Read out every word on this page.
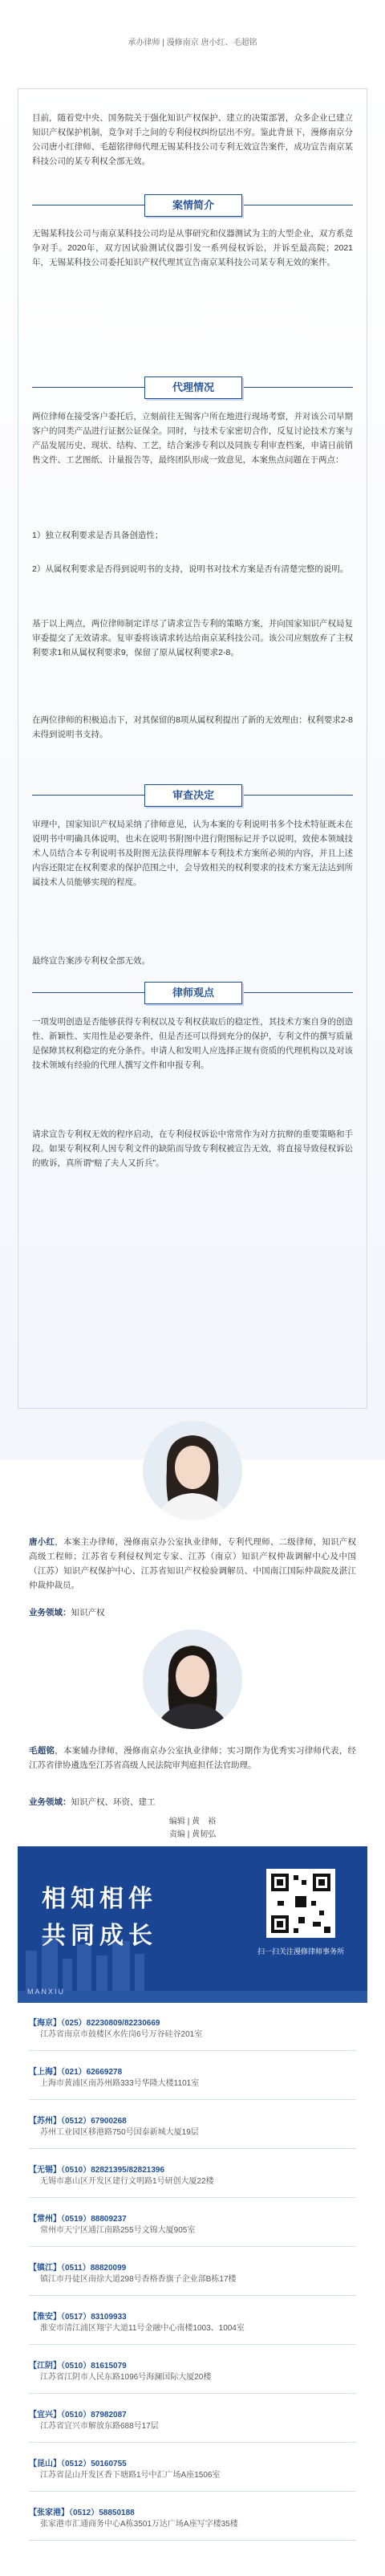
承办律师 | 漫修南京 唐小红、毛超铭

目前，随着党中央、国务院关于强化知识产权保护、建立的决策部署，众多企业已建立知识产权保护机制，竞争对手之间的专利侵权纠纷层出不穷。鉴此背景下，漫修南京分公司唐小红律师、毛超铭律师代理无锡某科技公司专利无效宣告案件，成功宣告南京某科技公司的某专利权全部无效。

案情简介

无锡某科技公司与南京某科技公司均是从事研究和仪器测试为主的大型企业，双方系竞争对手。2020年，双方因试验测试仪器引发一系列侵权诉讼，并诉至最高院；2021年，无锡某科技公司委托知识产权代理其宣告南京某科技公司某专利无效的案件。

代理情况

两位律师在接受客户委托后，立刻前往无锡客户所在地进行现场考察，并对该公司早期客户的同类产品进行证据公证保全。同时，与技术专家密切合作，反复讨论技术方案与产品发展历史、现状、结构、工艺，结合案涉专利以及同族专利审查档案，申请日前销售文件、工艺图纸、计量报告等，最终团队形成一致意见，本案焦点问题在于两点：

1）独立权利要求是否具备创造性；

2）从属权利要求是否得到说明书的支持，说明书对技术方案是否有清楚完整的说明。

基于以上两点，两位律师制定详尽了请求宣告专利的策略方案，并向国家知识产权局复审委提交了无效请求。复审委将该请求转达给南京某科技公司。该公司应刻放弃了主权利要求1和从属权利要求9，保留了原从属权利要求2-8。

在两位律师的积极追击下，对其保留的8项从属权利提出了新的无效理由：权利要求2-8未得到说明书支持。

审查决定

审理中，国家知识产权局采纳了律师意见，认为本案的专利说明书多个技术特征既未在说明书中明确具体说明，也未在说明书附图中进行附图标记并予以说明，致使本领域技术人员结合本专利说明书及附图无法获得理解本专利技术方案所必须的内容，并且上述内容还限定在权利要求的保护范围之中，会导致相关的权利要求的技术方案无法达到所属技术人员能够实现的程度。

最终宣告案涉专利权全部无效。

律师观点

一项发明创造是否能够获得专利权以及专利权获取后的稳定性，其技术方案自身的创造性、新颖性、实用性是必要条件，但是否还可以得到充分的保护，专利文件的撰写质量是保障其权利稳定的充分条件。申请人和发明人应选择正规有资质的代理机构以及对该技术领域有经验的代理人撰写文件和申报专利。

请求宣告专利权无效的程序启动，在专利侵权诉讼中常常作为对方抗辩的重要策略和手段。如果专利权利人因专利文件的缺陷而导致专利权被宣告无效，将直接导致侵权诉讼的败诉，真所谓“赔了夫人又折兵”。

唐小红，本案主办律师，漫修南京办公室执业律师，专利代理师、二级律师，知识产权高级工程师；江苏省专利侵权判定专家、江苏（南京）知识产权仲裁调解中心及中国（江苏）知识产权保护中心、江苏省知识产权检验调解员、中国南江国际仲裁院及湛江仲裁仲裁员。

业务领域：知识产权

相知相伴
共同成长
MANXIU
扫一扫关注漫修律师事务所
【海京】（025）82230809/82230669
江苏省南京市鼓楼区水佐岗6号万谷硅谷201室
【上海】（021）62669278
上海市黄浦区南苏州路333号华隆大楼1101室
【苏州】（0512）67900268
苏州工业园区移港路750号国泰新城大厦19层
【无锡】（0510）82821395/82821396
无锡市惠山区开发区建行文明路1号研创大厦22楼
【常州】（0519）88809237
常州市天宁区通江南路255号文锦大厦905室
【镇江】（0511）88820099
镇江市丹徒区南徐大道298号香格香旗子企业部B栋17楼
【淮安】（0517）83109933
淮安市清江浦区翔宇大道11号金融中心南楼1003、1004室
【江阴】（0510）81615079
江苏省江阴市人民东路1096号海澜国际大厦20楼
【宜兴】（0510）87982087
江苏省宜兴市解放东路688号17层
【昆山】（0512）50160755
江苏省昆山开发区香下塘路1号中汇广场A座1506室
【张家港】（0512）58850188
张家港市汇通商务中心A栋3501万达广场A座写字楼35楼

毛超铭，本案辅办律师，漫修南京办公室执业律师；实习期作为优秀实习律师代表，经江苏省律协遴选至江苏省高级人民法院审判庭担任法官助理。

业务领域：知识产权、环资、建工

编辑 | 黄　裕
责编 | 黄韧弘
